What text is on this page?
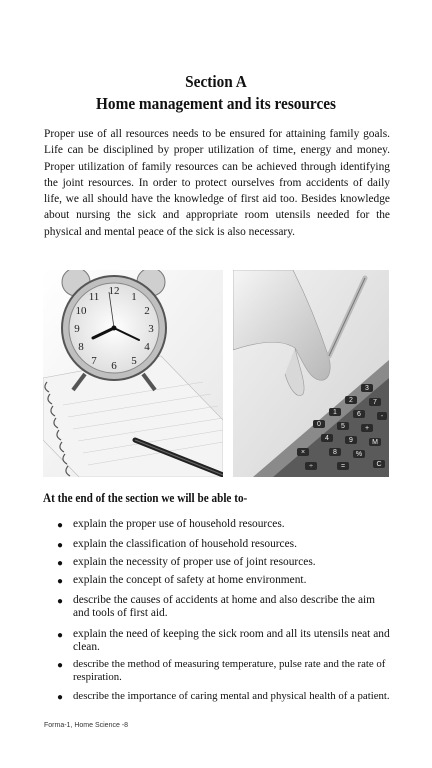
Section A
Home management and its resources

Proper use of all resources needs to be ensured for attaining family goals. Life can be disciplined by proper utilization of time, energy and money. Proper utilization of family resources can be achieved through identifying the joint resources. In order to protect ourselves from accidents of daily life, we all should have the knowledge of first aid too. Besides knowledge about nursing the sick and appropriate room utensils needed for the physical and mental peace of the sick is also necessary.

12 1
2
3
4
5
6
7
8
9
10
11
0
1
2
3
4
5
6
7
8
9
+
-
×
÷	=
%
M
C
At the end of the section we will be able to-
● explain the proper use of household resources.
● explain the classification of household resources.
● explain the necessity of proper use of joint resources.
● explain the concept of safety at home environment.
● describe the causes of accidents at home and also describe the aim and tools of first aid.
● explain the need of keeping the sick room and all its utensils neat and clean.
● describe the method of measuring temperature, pulse rate and the rate of respiration.
● describe the importance of caring mental and physical health of a patient.
Forma-1, Home Science -8
